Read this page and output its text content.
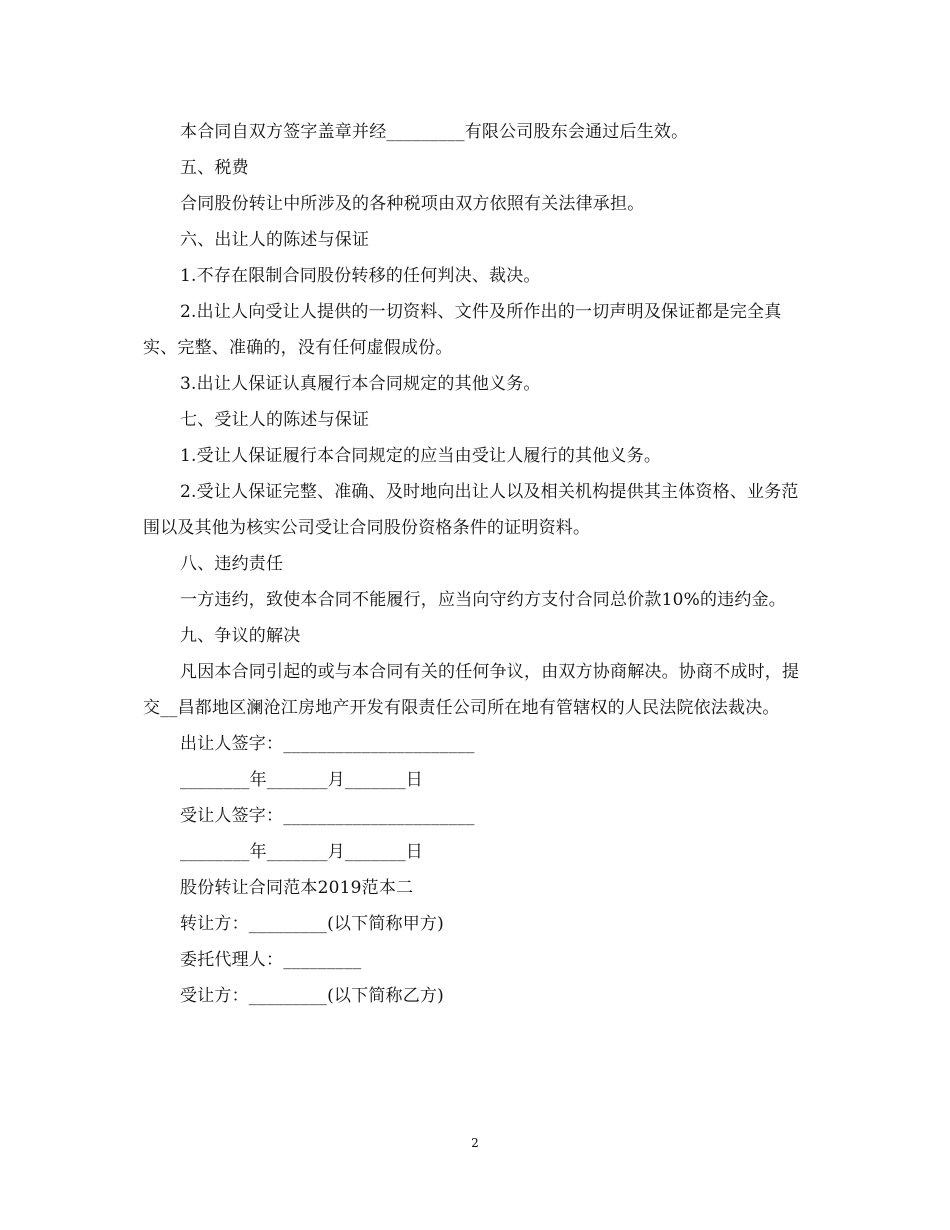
本合同自双方签字盖章并经_________有限公司股东会通过后生效。

五、税费

合同股份转让中所涉及的各种税项由双方依照有关法律承担。

六、出让人的陈述与保证

1.不存在限制合同股份转移的任何判决、裁决。

2.出让人向受让人提供的一切资料、文件及所作出的一切声明及保证都是完全真实、完整、准确的，没有任何虚假成份。

3.出让人保证认真履行本合同规定的其他义务。

七、受让人的陈述与保证

1.受让人保证履行本合同规定的应当由受让人履行的其他义务。

2.受让人保证完整、准确、及时地向出让人以及相关机构提供其主体资格、业务范围以及其他为核实公司受让合同股份资格条件的证明资料。

八、违约责任

一方违约，致使本合同不能履行，应当向守约方支付合同总价款10%的违约金。

九、争议的解决

凡因本合同引起的或与本合同有关的任何争议，由双方协商解决。协商不成时，提交__昌都地区澜沧江房地产开发有限责任公司所在地有管辖权的人民法院依法裁决。

出让人签字：______________________

________年_______月_______日

受让人签字：______________________

________年_______月_______日

股份转让合同范本2019范本二

转让方：_________(以下简称甲方)

委托代理人：_________

受让方：_________(以下简称乙方)

2
